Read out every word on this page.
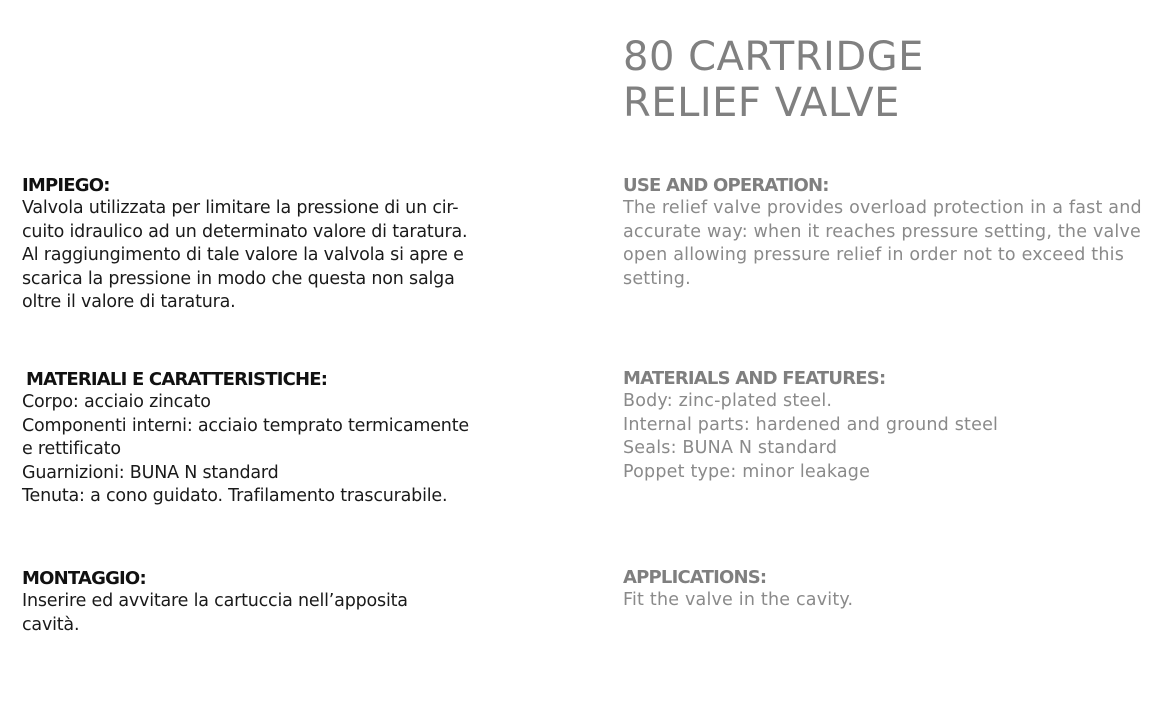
80 CARTRIDGE
RELIEF VALVE
IMPIEGO:
Valvola utilizzata per limitare la pressione di un cir-
cuito idraulico ad un determinato valore di taratura.
Al raggiungimento di tale valore la valvola si apre e
scarica la pressione in modo che questa non salga
oltre il valore di taratura.
MATERIALI E CARATTERISTICHE:
Corpo: acciaio zincato
Componenti interni: acciaio temprato termicamente
e rettificato
Guarnizioni: BUNA N standard
Tenuta: a cono guidato. Trafilamento trascurabile.
MONTAGGIO:
Inserire ed avvitare la cartuccia nell’apposita
cavità.
USE AND OPERATION:
The relief valve provides overload protection in a fast and
accurate way: when it reaches pressure setting, the valve
open allowing pressure relief in order not to exceed this
setting.
MATERIALS AND FEATURES:
Body: zinc-plated steel.
Internal parts: hardened and ground steel
Seals: BUNA N standard
Poppet type: minor leakage
APPLICATIONS:
Fit the valve in the cavity.
